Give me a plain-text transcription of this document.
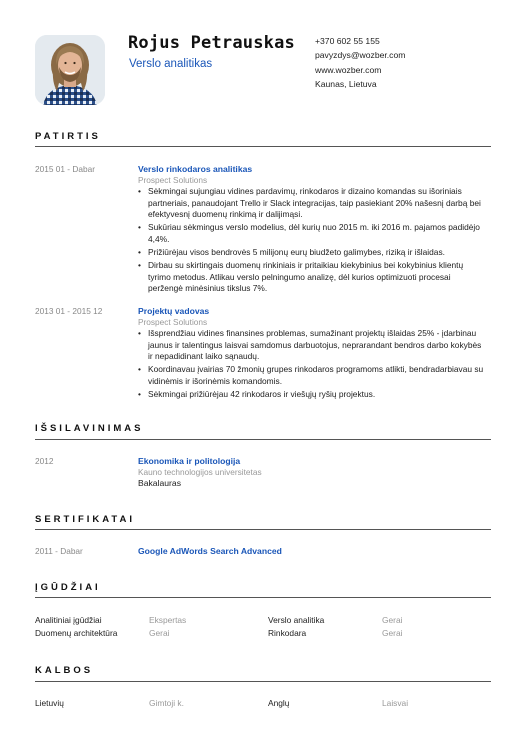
Rojus Petrauskas
Verslo analitikas
+370 602 55 155
pavyzdys@wozber.com
www.wozber.com
Kaunas, Lietuva
PATIRTIS
2015 01 - Dabar	Verslo rinkodaros analitikas
Prospect Solutions
• Sėkmingai sujungiau vidines pardavimų, rinkodaros ir dizaino komandas su išoriniais partneriais, panaudojant Trello ir Slack integracijas, taip pasiekiant 20% našesnį darbą bei efektyvesnį duomenų rinkimą ir dalijimąsi.
• Sukūriau sėkmingus verslo modelius, dėl kurių nuo 2015 m. iki 2016 m. pajamos padidėjo 4,4%.
• Prižiūrėjau visos bendrovės 5 milijonų eurų biudžeto galimybes, riziką ir išlaidas.
• Dirbau su skirtingais duomenų rinkiniais ir pritaikiau kiekybinius bei kokybinius klientų tyrimo metodus. Atlikau verslo pelningumo analizę, dėl kurios optimizuoti procesai peržengė minėsinius tikslus 7%.
2013 01 - 2015 12	Projektų vadovas
Prospect Solutions
• Išsprendžiau vidines finansines problemas, sumažinant projektų išlaidas 25% - įdarbinau jaunus ir talentingus laisvai samdomus darbuotojus, neprarandant bendros darbo kokybės ir nepadidinant laiko sąnaudų.
• Koordinavau įvairias 70 žmonių grupes rinkodaros programoms atlikti, bendradarbiavau su vidinėmis ir išorinėmis komandomis.
• Sėkmingai prižiūrėjau 42 rinkodaros ir viešųjų ryšių projektus.
IŠSILAVINIMAS
2012	Ekonomika ir politologija
Kauno technologijos universitetas
Bakalauras
SERTIFIKATAI
2011 - Dabar	Google AdWords Search Advanced
ĮGŪDŽIAI
Analitiniai įgūdžiai	Ekspertas	Verslo analitika	Gerai
Duomenų architektūra	Gerai	Rinkodara	Gerai
KALBOS
Lietuvių	Gimtoji k.	Anglų	Laisvai
